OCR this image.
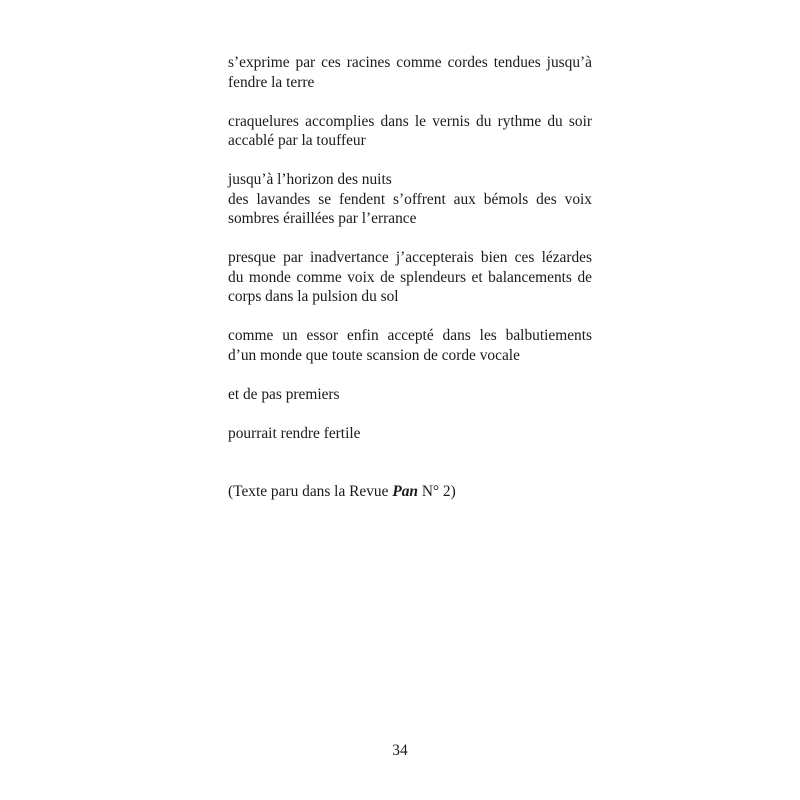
s’exprime par ces racines comme cordes tendues jusqu’à
fendre la terre
craquelures accomplies dans le vernis du rythme du soir
accablé par la touffeur
jusqu’à l’horizon des nuits
des lavandes se fendent s’offrent aux bémols des voix
sombres éraillées par l’errance
presque par inadvertance j’accepterais bien ces lézardes
du monde comme voix de splendeurs et balancements de
corps dans la pulsion du sol
comme un essor enfin accepté dans les balbutiements
d’un monde que toute scansion de corde vocale
et de pas premiers
pourrait rendre fertile
(Texte paru dans la Revue Pan N° 2)
34
